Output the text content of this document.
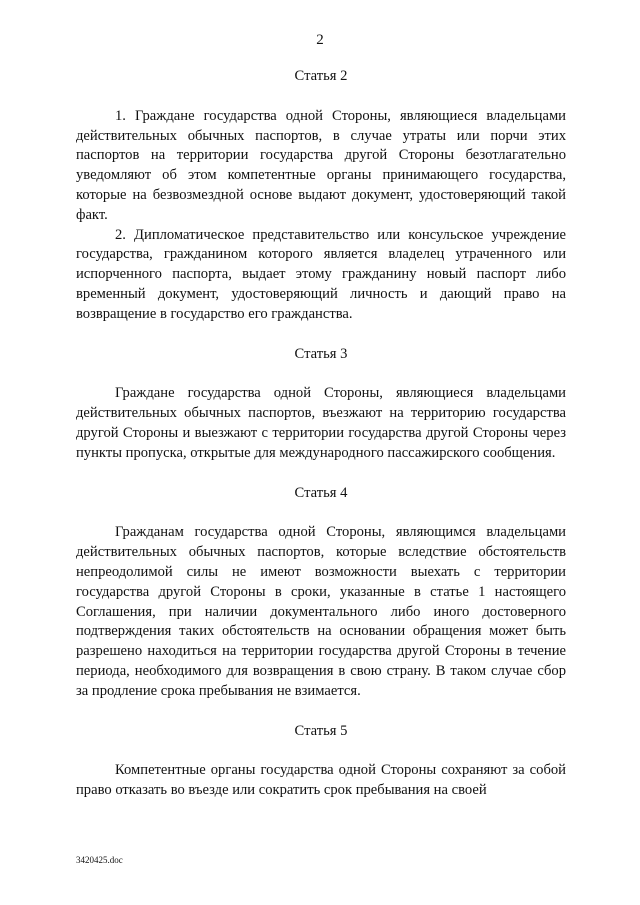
2
Статья 2

1. Граждане государства одной Стороны, являющиеся владельцами действительных обычных паспортов, в случае утраты или порчи этих паспортов на территории государства другой Стороны безотлагательно уведомляют об этом компетентные органы принимающего государства, которые на безвозмездной основе выдают документ, удостоверяющий такой факт.

2. Дипломатическое представительство или консульское учреждение государства, гражданином которого является владелец утраченного или испорченного паспорта, выдает этому гражданину новый паспорт либо временный документ, удостоверяющий личность и дающий право на возвращение в государство его гражданства.

Статья 3

Граждане государства одной Стороны, являющиеся владельцами действительных обычных паспортов, въезжают на территорию государства другой Стороны и выезжают с территории государства другой Стороны через пункты пропуска, открытые для международного пассажирского сообщения.

Статья 4

Гражданам государства одной Стороны, являющимся владельцами действительных обычных паспортов, которые вследствие обстоятельств непреодолимой силы не имеют возможности выехать с территории государства другой Стороны в сроки, указанные в статье 1 настоящего Соглашения, при наличии документального либо иного достоверного подтверждения таких обстоятельств на основании обращения может быть разрешено находиться на территории государства другой Стороны в течение периода, необходимого для возвращения в свою страну. В таком случае сбор за продление срока пребывания не взимается.

Статья 5

Компетентные органы государства одной Стороны сохраняют за собой право отказать во въезде или сократить срок пребывания на своей

3420425.doc
